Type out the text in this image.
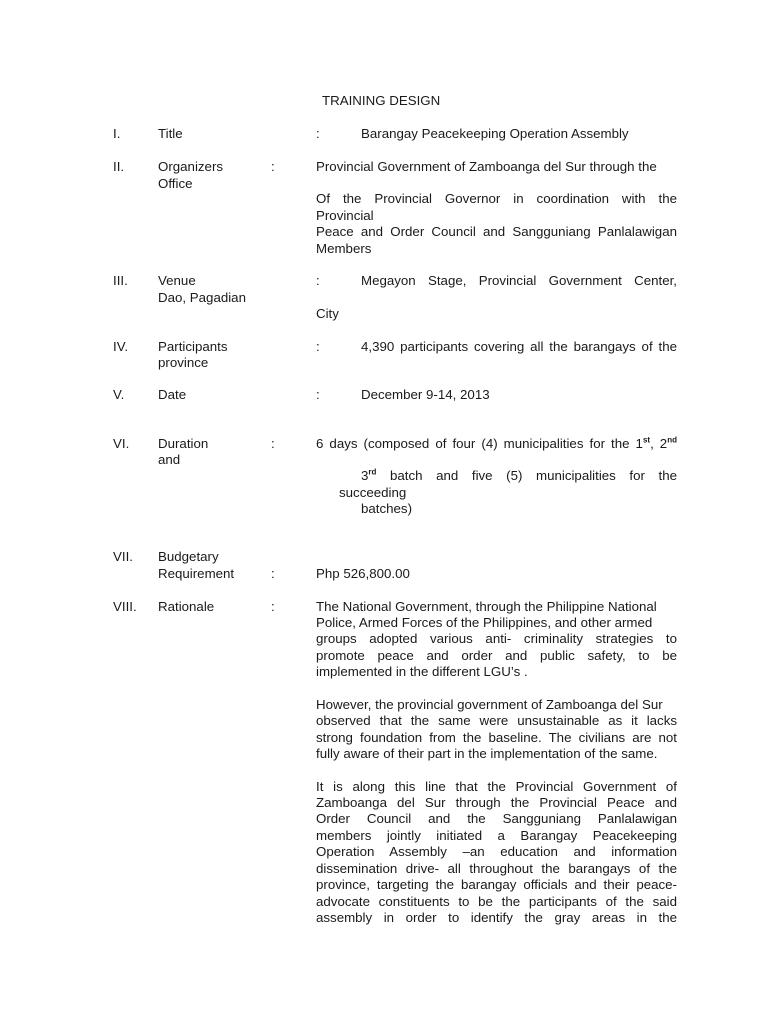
TRAINING DESIGN
I.	Title	:	Barangay Peacekeeping Operation Assembly
II.	Organizers	:	Provincial Government of Zamboanga del Sur through the
Office
Of the Provincial Governor in coordination with the
Provincial
Peace and Order Council and Sangguniang Panlalawigan
Members
III. Venue	:	Megayon Stage, Provincial Government Center,
Dao, Pagadian
City
IV. Participants	:	4,390 participants covering all the barangays of the
province
V.	Date	:	December 9-14, 2013
VI. Duration	:	6 days (composed of four (4) municipalities for the 1st, 2nd
and
3rd batch and five (5) municipalities for the
succeeding
batches)
VII. Budgetary
Requirement	:	Php 526,800.00
VIII. Rationale	:	The National Government, through the Philippine National
Police, Armed Forces of the Philippines, and other armed
groups adopted various anti- criminality strategies to
promote peace and order and public safety, to be
implemented in the different LGU’s .
However, the provincial government of Zamboanga del Sur
observed that the same were unsustainable as it lacks
strong foundation from the baseline. The civilians are not
fully aware of their part in the implementation of the same.
It is along this line that the Provincial Government of
Zamboanga del Sur through the Provincial Peace and
Order Council and the Sangguniang Panlalawigan
members jointly initiated a Barangay Peacekeeping
Operation Assembly –an education and information
dissemination drive- all throughout the barangays of the
province, targeting the barangay officials and their peace-
advocate constituents to be the participants of the said
assembly in order to identify the gray areas in the
